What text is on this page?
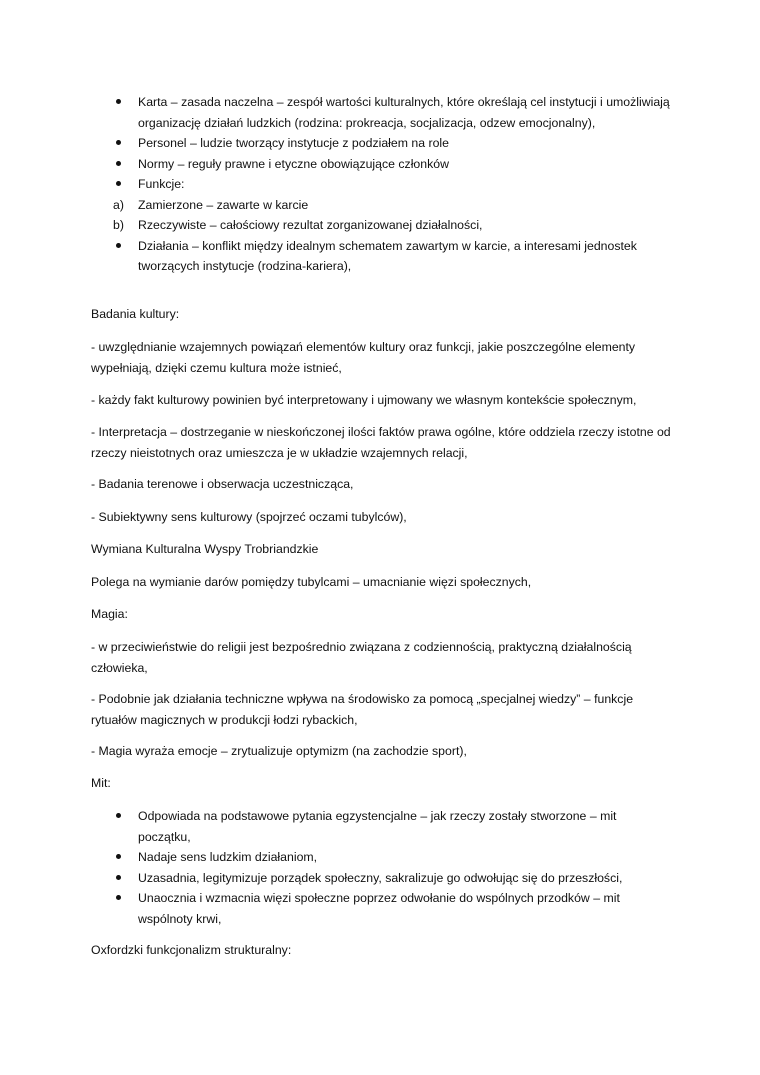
Karta – zasada naczelna – zespół wartości kulturalnych, które określają cel instytucji i umożliwiają organizację działań ludzkich (rodzina: prokreacja, socjalizacja, odzew emocjonalny),
Personel – ludzie tworzący instytucje z podziałem na role
Normy – reguły prawne i etyczne obowiązujące członków
Funkcje:
a) Zamierzone – zawarte w karcie
b) Rzeczywiste – całościowy rezultat zorganizowanej działalności,
Działania – konflikt między idealnym schematem zawartym w karcie, a interesami jednostek tworzących instytucje (rodzina-kariera),
Badania kultury:
- uwzględnianie wzajemnych powiązań elementów kultury oraz funkcji, jakie poszczególne elementy wypełniają, dzięki czemu kultura może istnieć,
- każdy fakt kulturowy powinien być interpretowany i ujmowany we własnym kontekście społecznym,
- Interpretacja – dostrzeganie w nieskończonej ilości faktów prawa ogólne, które oddziela rzeczy istotne od rzeczy nieistotnych oraz umieszcza je w układzie wzajemnych relacji,
- Badania terenowe i obserwacja uczestnicząca,
- Subiektywny sens kulturowy (spojrzeć oczami tubylców),
Wymiana Kulturalna Wyspy Trobriandzkie
Polega na wymianie darów pomiędzy tubylcami – umacnianie więzi społecznych,
Magia:
- w przeciwieństwie do religii jest bezpośrednio związana z codziennością, praktyczną działalnością człowieka,
- Podobnie jak działania techniczne wpływa na środowisko za pomocą „specjalnej wiedzy” – funkcje rytuałów magicznych w produkcji łodzi rybackich,
- Magia wyraża emocje – zrytualizuje optymizm (na zachodzie sport),
Mit:
Odpowiada na podstawowe pytania egzystencjalne – jak rzeczy zostały stworzone – mit początku,
Nadaje sens ludzkim działaniom,
Uzasadnia, legitymizuje porządek społeczny, sakralizuje go odwołując się do przeszłości,
Unaocznia i wzmacnia więzi społeczne poprzez odwołanie do wspólnych przodków – mit wspólnoty krwi,
Oxfordzki funkcjonalizm strukturalny:
